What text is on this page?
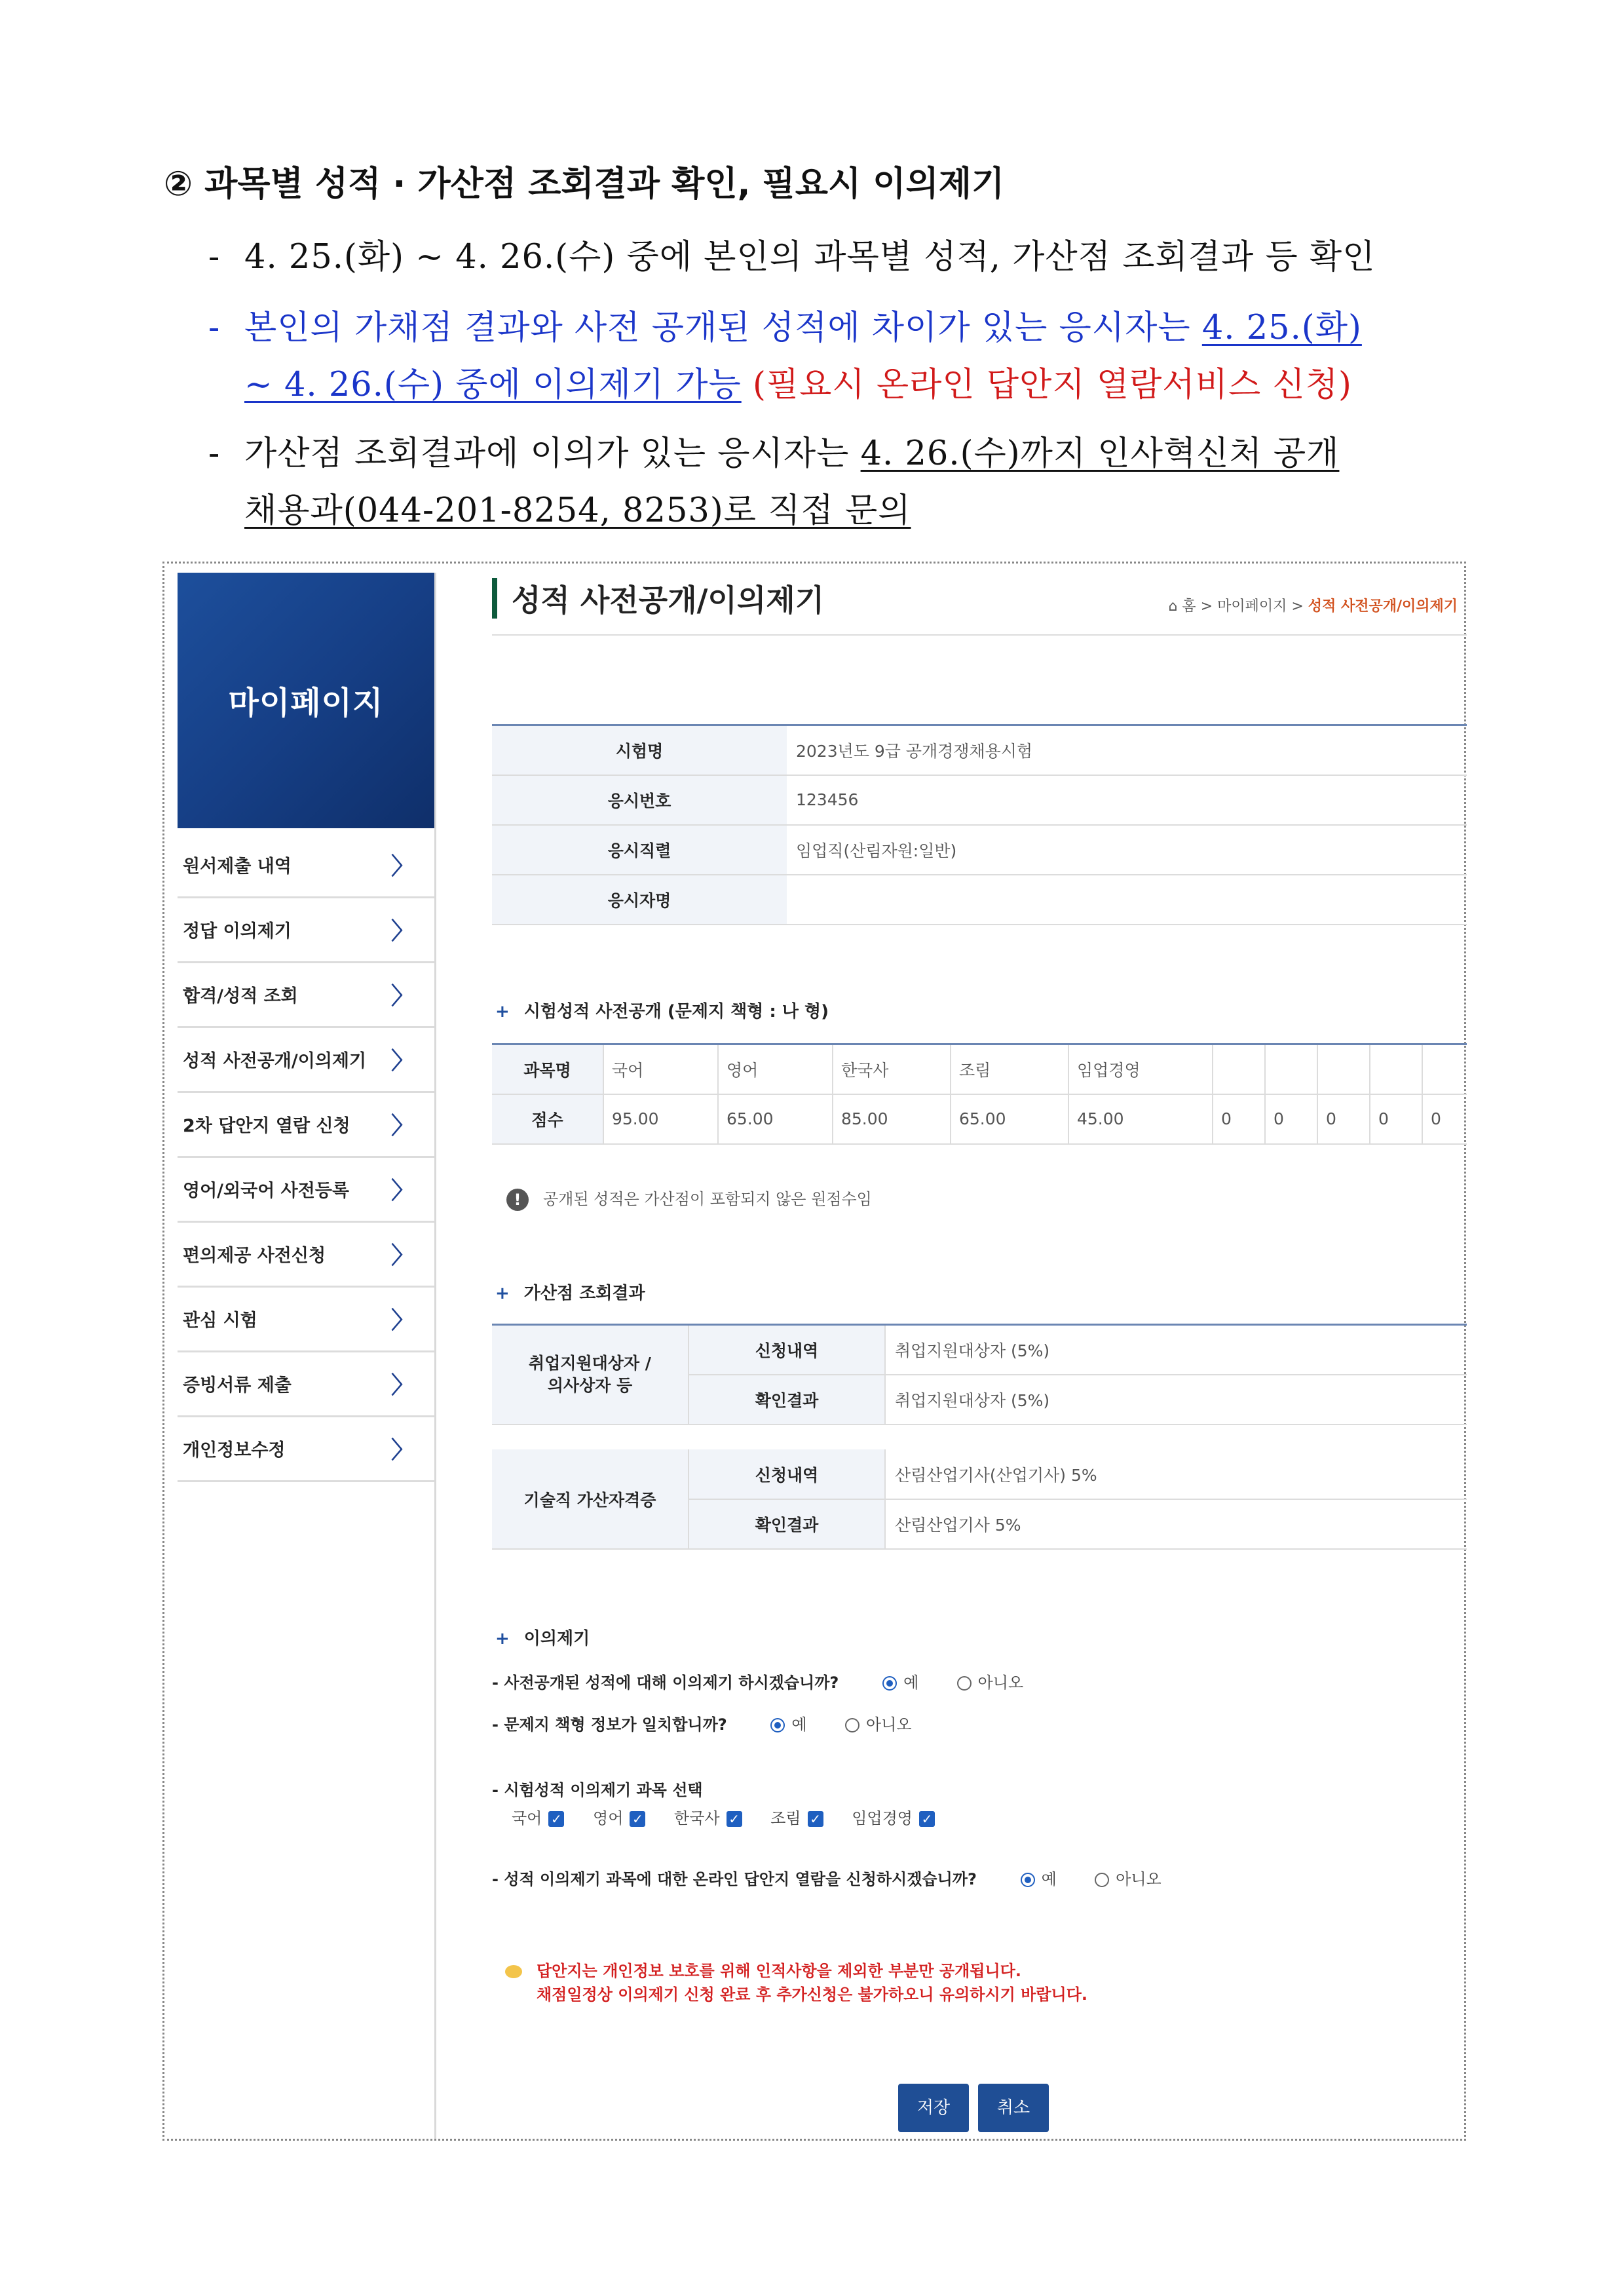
② 과목별 성적 · 가산점 조회결과 확인, 필요시 이의제기
- 4. 25.(화) ∼ 4. 26.(수) 중에 본인의 과목별 성적, 가산점 조회결과 등 확인
- 본인의 가채점 결과와 사전 공개된 성적에 차이가 있는 응시자는 4. 25.(화)
∼ 4. 26.(수) 중에 이의제기 가능 (필요시 온라인 답안지 열람서비스 신청)
- 가산점 조회결과에 이의가 있는 응시자는 4. 26.(수)까지 인사혁신처 공개
채용과(044-201-8254, 8253)로 직접 문의
마이페이지
원서제출 내역	〉
정답 이의제기	〉
합격/성적 조회	〉
성적 사전공개/이의제기 〉
2차 답안지 열람 신청 〉
영어/외국어 사전등록 〉
편의제공 사전신청	〉
관심 시험	〉
증빙서류 제출	〉
개인정보수정	〉
성적 사전공개/이의제기	⌂ 홈 > 마이페이지 > 성적 사전공개/이의제기
시험명	2023년도 9급 공개경쟁채용시험
응시번호	123456
응시직렬	임업직(산림자원:일반)
응시자명	
+ 시험성적 사전공개 (문제지 책형 : 나 형)
과목명	국어	영어	한국사	조림	임업경영					
점수	95.00	65.00	85.00	65.00	45.00	0	0	0	0	0
! 공개된 성적은 가산점이 포함되지 않은 원점수임
+ 가산점 조회결과
취업지원대상자 /
의사상자 등	신청내역	취업지원대상자 (5%)
	확인결과	취업지원대상자 (5%)
기술직 가산자격증	신청내역	산림산업기사(산업기사) 5%
	확인결과	산림산업기사 5%
+ 이의제기
- 사전공개된 성적에 대해 이의제기 하시겠습니까?	예	아니오
- 문제지 책형 정보가 일치합니까?	예	아니오
- 시험성적 이의제기 과목 선택
국어 ✓ 영어 ✓ 한국사 ✓ 조림 ✓ 임업경영 ✓
- 성적 이의제기 과목에 대한 온라인 답안지 열람을 신청하시겠습니까?	예	아니오
답안지는 개인정보 보호를 위해 인적사항을 제외한 부분만 공개됩니다.
채점일정상 이의제기 신청 완료 후 추가신청은 불가하오니 유의하시기 바랍니다.
저장	취소
